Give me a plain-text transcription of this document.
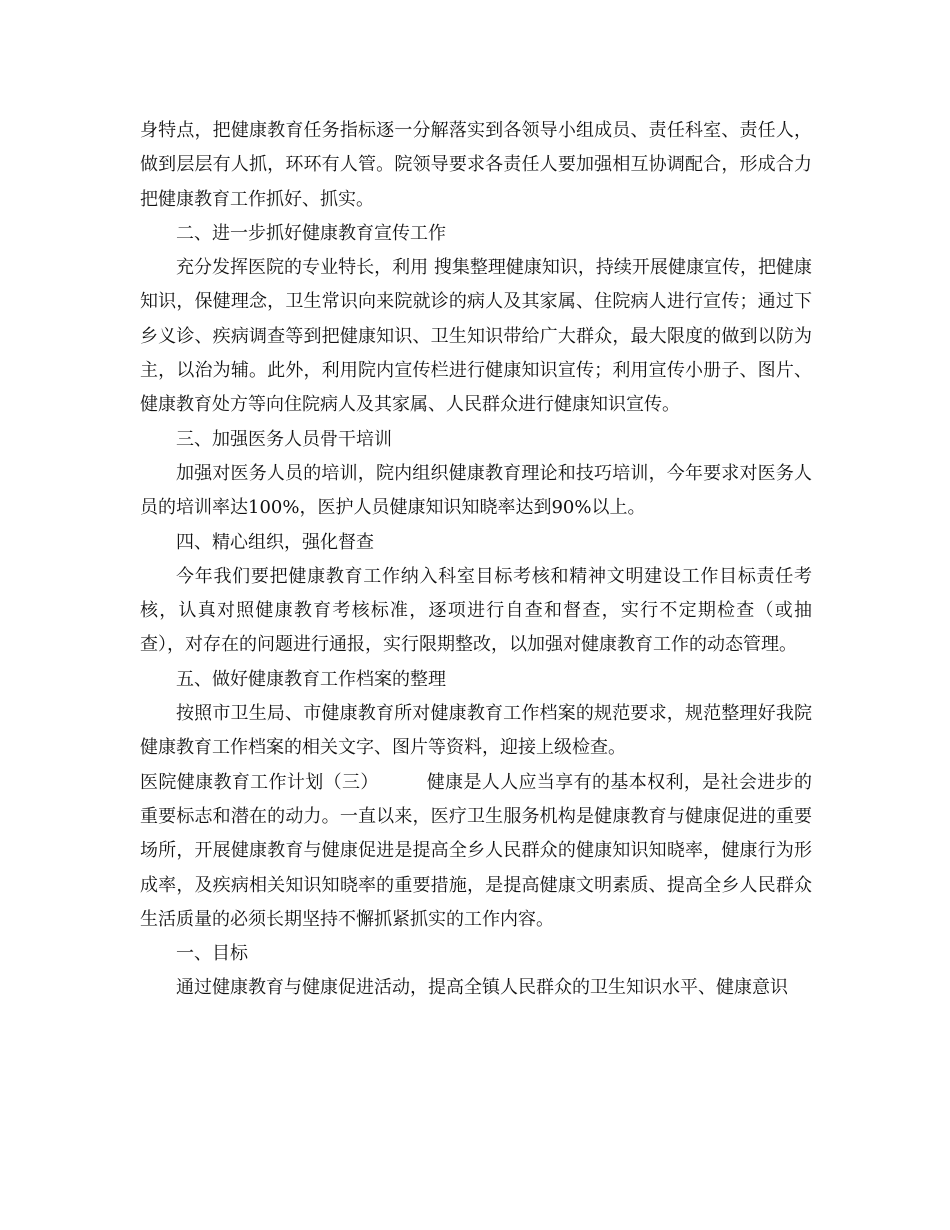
身特点，把健康教育任务指标逐一分解落实到各领导小组成员、责任科室、责任人，做到层层有人抓，环环有人管。院领导要求各责任人要加强相互协调配合，形成合力把健康教育工作抓好、抓实。

二、进一步抓好健康教育宣传工作

充分发挥医院的专业特长，利用 搜集整理健康知识，持续开展健康宣传，把健康知识，保健理念，卫生常识向来院就诊的病人及其家属、住院病人进行宣传；通过下乡义诊、疾病调查等到把健康知识、卫生知识带给广大群众，最大限度的做到以防为主，以治为辅。此外，利用院内宣传栏进行健康知识宣传；利用宣传小册子、图片、健康教育处方等向住院病人及其家属、人民群众进行健康知识宣传。

三、加强医务人员骨干培训

加强对医务人员的培训，院内组织健康教育理论和技巧培训，今年要求对医务人员的培训率达100%，医护人员健康知识知晓率达到90%以上。

四、精心组织，强化督查

今年我们要把健康教育工作纳入科室目标考核和精神文明建设工作目标责任考核，认真对照健康教育考核标准，逐项进行自查和督查，实行不定期检查（或抽查），对存在的问题进行通报，实行限期整改，以加强对健康教育工作的动态管理。

五、做好健康教育工作档案的整理

按照市卫生局、市健康教育所对健康教育工作档案的规范要求，规范整理好我院健康教育工作档案的相关文字、图片等资料，迎接上级检查。

医院健康教育工作计划（三）	健康是人人应当享有的基本权利，是社会进步的重要标志和潜在的动力。一直以来，医疗卫生服务机构是健康教育与健康促进的重要场所，开展健康教育与健康促进是提高全乡人民群众的健康知识知晓率，健康行为形成率，及疾病相关知识知晓率的重要措施，是提高健康文明素质、提高全乡人民群众生活质量的必须长期坚持不懈抓紧抓实的工作内容。

一、目标

通过健康教育与健康促进活动，提高全镇人民群众的卫生知识水平、健康意识
